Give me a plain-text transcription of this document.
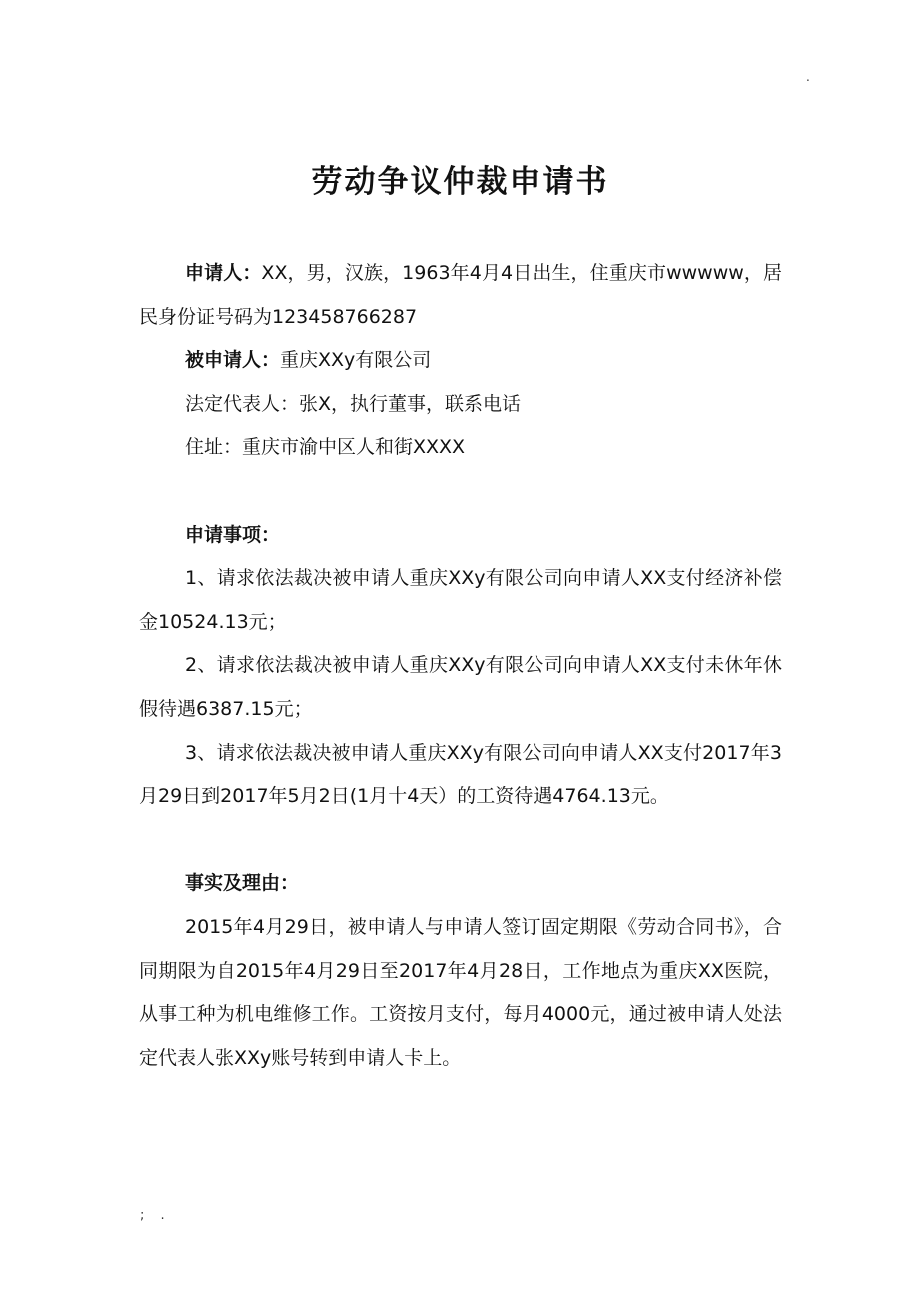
.
劳动争议仲裁申请书

申请人：XX，男，汉族，1963年4月4日出生，住重庆市wwwww，居民身份证号码为123458766287

被申请人：重庆XXy有限公司

法定代表人：张X，执行董事，联系电话

住址：重庆市渝中区人和街XXXX

申请事项：

1、请求依法裁决被申请人重庆XXy有限公司向申请人XX支付经济补偿金10524.13元；

2、请求依法裁决被申请人重庆XXy有限公司向申请人XX支付未休年休假待遇6387.15元；

3、请求依法裁决被申请人重庆XXy有限公司向申请人XX支付2017年3月29日到2017年5月2日(1月十4天）的工资待遇4764.13元。

事实及理由：

2015年4月29日，被申请人与申请人签订固定期限《劳动合同书》，合同期限为自2015年4月29日至2017年4月28日，工作地点为重庆XX医院，从事工种为机电维修工作。工资按月支付，每月4000元，通过被申请人处法定代表人张XXy账号转到申请人卡上。

; .
